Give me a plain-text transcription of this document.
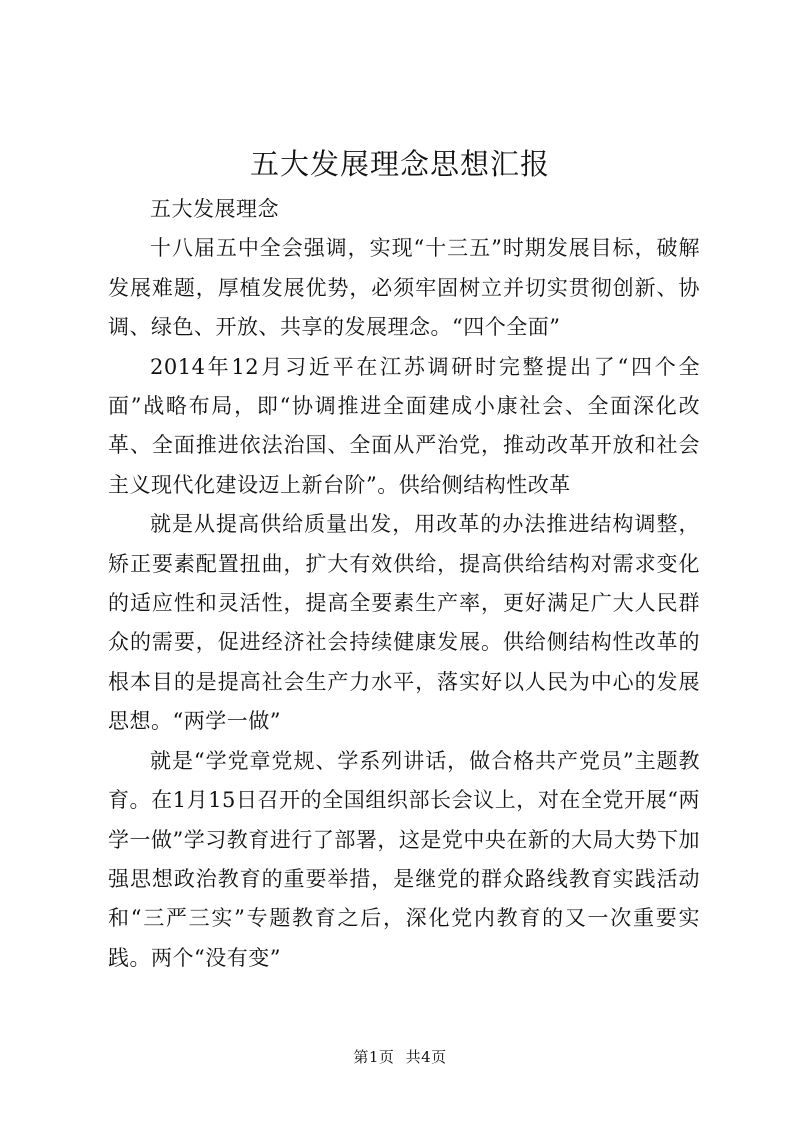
五大发展理念思想汇报

五大发展理念

十八届五中全会强调，实现“十三五”时期发展目标，破解发展难题，厚植发展优势，必须牢固树立并切实贯彻创新、协调、绿色、开放、共享的发展理念。“四个全面”

2014年12月习近平在江苏调研时完整提出了“四个全面”战略布局，即“协调推进全面建成小康社会、全面深化改革、全面推进依法治国、全面从严治党，推动改革开放和社会主义现代化建设迈上新台阶”。供给侧结构性改革

就是从提高供给质量出发，用改革的办法推进结构调整，矫正要素配置扭曲，扩大有效供给，提高供给结构对需求变化的适应性和灵活性，提高全要素生产率，更好满足广大人民群众的需要，促进经济社会持续健康发展。供给侧结构性改革的根本目的是提高社会生产力水平，落实好以人民为中心的发展思想。“两学一做”

就是“学党章党规、学系列讲话，做合格共产党员”主题教育。在1月15日召开的全国组织部长会议上，对在全党开展“两学一做”学习教育进行了部署，这是党中央在新的大局大势下加强思想政治教育的重要举措，是继党的群众路线教育实践活动和“三严三实”专题教育之后，深化党内教育的又一次重要实践。两个“没有变”

第1页 共4页
